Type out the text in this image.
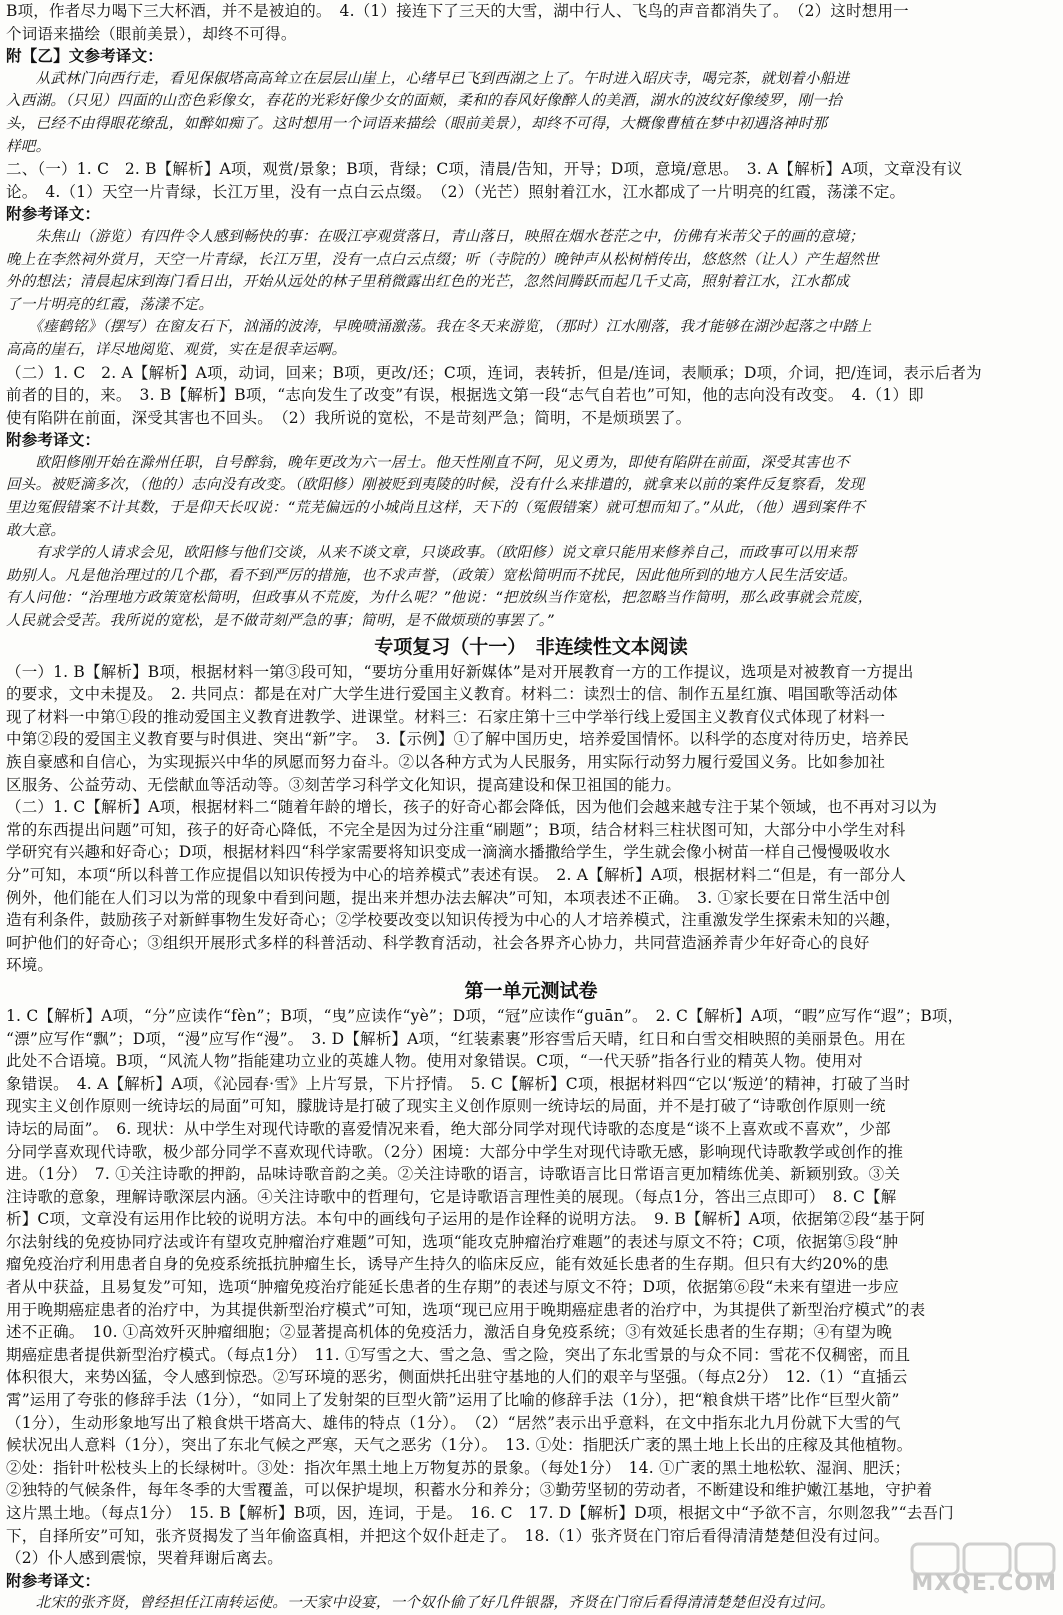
B项，作者尽力喝下三大杯酒，并不是被迫的。　4.（1）接连下了三天的大雪，湖中行人、飞鸟的声音都消失了。　（2）这时想用一
个词语来描绘（眼前美景），却终不可得。
附【乙】文参考译文：
　　从武林门向西行走，看见保俶塔高高耸立在层层山崖上，心绪早已飞到西湖之上了。午时进入昭庆寺，喝完茶，就划着小船进
入西湖。（只见）四面的山峦色彩像女，春花的光彩好像少女的面颊，柔和的春风好像醉人的美酒，湖水的波纹好像绫罗，刚一抬
头，已经不由得眼花缭乱，如醉如痴了。这时想用一个词语来描绘（眼前美景），却终不可得，大概像曹植在梦中初遇洛神时那
样吧。
二、（一）1. C　2. B【解析】A项，观赏/景象；B项，背绿；C项，清晨/告知，开导；D项，意境/意思。　3. A【解析】A项，文章没有议
论。　4.（1）天空一片青绿，长江万里，没有一点白云点缀。　（2）（光芒）照射着江水，江水都成了一片明亮的红霞，荡漾不定。
附参考译文：
　　朱焦山（游览）有四件令人感到畅快的事：在吸江亭观赏落日，青山落日，映照在烟水苍茫之中，仿佛有米芾父子的画的意境；
晚上在李然祠外赏月，天空一片青绿，长江万里，没有一点白云点缀；听（寺院的）晚钟声从松树梢传出，悠悠然（让人）产生超然世
外的想法；清晨起床到海门看日出，开始从远处的林子里稍微露出红色的光芒，忽然间腾跃而起几千丈高，照射着江水，江水都成
了一片明亮的红霞，荡漾不定。
　　《瘗鹤铭》（摆写）在窗友石下，汹涌的波涛，早晚喷涌激荡。我在冬天来游览，（那时）江水刚落，我才能够在湖沙起落之中踏上
高高的崖石，详尽地阅览、观赏，实在是很幸运啊。
（二）1. C　2. A【解析】A项，动词，回来；B项，更改/还；C项，连词，表转折，但是/连词，表顺承；D项，介词，把/连词，表示后者为
前者的目的，来。　3. B【解析】B项，“志向发生了改变”有误，根据选文第一段“志气自若也”可知，他的志向没有改变。　4.（1）即
使有陷阱在前面，深受其害也不回头。　（2）我所说的宽松，不是苛刻严急；简明，不是烦琐罢了。
附参考译文：
　　欧阳修刚开始在滁州任职，自号醉翁，晚年更改为六一居士。他天性刚直不阿，见义勇为，即使有陷阱在前面，深受其害也不
回头。被贬滴多次，（他的）志向没有改变。（欧阳修）刚被贬到夷陵的时候，没有什么来排遣的，就拿来以前的案件反复察看，发现
里边冤假错案不计其数，于是仰天长叹说：“荒芜偏远的小城尚且这样，天下的（冤假错案）就可想而知了。”从此，（他）遇到案件不
敢大意。
　　有求学的人请求会见，欧阳修与他们交谈，从来不谈文章，只谈政事。（欧阳修）说文章只能用来修养自己，而政事可以用来帮
助别人。凡是他治理过的几个郡，看不到严厉的措施，也不求声誉，（政策）宽松简明而不扰民，因此他所到的地方人民生活安适。
有人问他：“治理地方政策宽松简明，但政事从不荒废，为什么呢？”他说：“把放纵当作宽松，把忽略当作简明，那么政事就会荒废，
人民就会受苦。我所说的宽松，是不做苛刻严急的事；简明，是不做烦琐的事罢了。”
专项复习（十一）　非连续性文本阅读
（一）1. B【解析】B项，根据材料一第③段可知，“要坊分重用好新媒体”是对开展教育一方的工作提议，选项是对被教育一方提出
的要求，文中未提及。　2. 共同点：都是在对广大学生进行爱国主义教育。材料二：读烈士的信、制作五星红旗、唱国歌等活动体
现了材料一中第①段的推动爱国主义教育进教学、进课堂。材料三：石家庄第十三中学举行线上爱国主义教育仪式体现了材料一
中第②段的爱国主义教育要与时俱进、突出“新”字。　3.【示例】①了解中国历史，培养爱国情怀。以科学的态度对待历史，培养民
族自豪感和自信心，为实现振兴中华的夙愿而努力奋斗。②以各种方式为人民服务，用实际行动努力履行爱国义务。比如参加社
区服务、公益劳动、无偿献血等活动等。③刻苦学习科学文化知识，提高建设和保卫祖国的能力。
（二）1. C【解析】A项，根据材料二“随着年龄的增长，孩子的好奇心都会降低，因为他们会越来越专注于某个领域，也不再对习以为
常的东西提出问题”可知，孩子的好奇心降低，不完全是因为过分注重“刷题”；B项，结合材料三柱状图可知，大部分中小学生对科
学研究有兴趣和好奇心；D项，根据材料四“科学家需要将知识变成一滴滴水播撒给学生，学生就会像小树苗一样自己慢慢吸收水
分”可知，本项“所以科普工作应提倡以知识传授为中心的培养模式”表述有误。　2. A【解析】A项，根据材料二“但是，有一部分人
例外，他们能在人们习以为常的现象中看到问题，提出来并想办法去解决”可知，本项表述不正确。　3. ①家长要在日常生活中创
造有利条件，鼓励孩子对新鲜事物生发好奇心；②学校要改变以知识传授为中心的人才培养模式，注重激发学生探索未知的兴趣，
呵护他们的好奇心；③组织开展形式多样的科普活动、科学教育活动，社会各界齐心协力，共同营造涵养青少年好奇心的良好
环境。
第一单元测试卷
1. C【解析】A项，“分”应读作“fèn”；B项，“曳”应读作“yè”；D项，“冠”应读作“guān”。　2. C【解析】A项，“暇”应写作“遐”；B项，
“漂”应写作“飘”；D项，“漫”应写作“漫”。　3. D【解析】A项，“红装素裹”形容雪后天晴，红日和白雪交相映照的美丽景色。用在
此处不合语境。B项，“风流人物”指能建功立业的英雄人物。使用对象错误。C项，“一代天骄”指各行业的精英人物。使用对
象错误。　4. A【解析】A项，《沁园春·雪》上片写景，下片抒情。　5. C【解析】C项，根据材料四“它以‘叛逆’的精神，打破了当时
现实主义创作原则一统诗坛的局面”可知，朦胧诗是打破了现实主义创作原则一统诗坛的局面，并不是打破了“诗歌创作原则一统
诗坛的局面”。　6. 现状：从中学生对现代诗歌的喜爱情况来看，绝大部分同学对现代诗歌的态度是“谈不上喜欢或不喜欢”，少部
分同学喜欢现代诗歌，极少部分同学不喜欢现代诗歌。（2分）困境：大部分中学生对现代诗歌无感，影响现代诗歌教学或创作的推
进。（1分）　7. ①关注诗歌的押韵，品味诗歌音韵之美。②关注诗歌的语言，诗歌语言比日常语言更加精练优美、新颖别致。③关
注诗歌的意象，理解诗歌深层内涵。④关注诗歌中的哲理句，它是诗歌语言理性美的展现。（每点1分，答出三点即可）　8. C【解
析】C项，文章没有运用作比较的说明方法。本句中的画线句子运用的是作诠释的说明方法。　9. B【解析】A项，依据第②段“基于阿
尔法射线的免疫协同疗法或许有望攻克肿瘤治疗难题”可知，选项“能攻克肿瘤治疗难题”的表述与原文不符；C项，依据第⑤段“肿
瘤免疫治疗利用患者自身的免疫系统抵抗肿瘤生长，诱导产生持久的临床反应，能有效延长患者的生存期。但只有大约20%的患
者从中获益，且易复发”可知，选项“肿瘤免疫治疗能延长患者的生存期”的表述与原文不符；D项，依据第⑥段“未来有望进一步应
用于晚期癌症患者的治疗中，为其提供新型治疗模式”可知，选项“现已应用于晚期癌症患者的治疗中，为其提供了新型治疗模式”的表
述不正确。　10. ①高效歼灭肿瘤细胞；②显著提高机体的免疫活力，激活自身免疫系统；③有效延长患者的生存期；④有望为晚
期癌症患者提供新型治疗模式。（每点1分）　11. ①写雪之大、雪之急、雪之险，突出了东北雪景的与众不同：雪花不仅稠密，而且
体积很大，来势凶猛，令人感到惊恐。②写环境的恶劣，侧面烘托出驻守基地的人们的艰辛与坚强。（每点2分）　12.（1）“直插云
霄”运用了夸张的修辞手法（1分），“如同上了发射架的巨型火箭”运用了比喻的修辞手法（1分），把“粮食烘干塔”比作“巨型火箭”
（1分），生动形象地写出了粮食烘干塔高大、雄伟的特点（1分）。　（2）“居然”表示出乎意料，在文中指东北九月份就下大雪的气
候状况出人意料（1分），突出了东北气候之严寒，天气之恶劣（1分）。　13. ①处：指肥沃广袤的黑土地上长出的庄稼及其他植物。
②处：指针叶松枝头上的长绿树叶。③处：指次年黑土地上万物复苏的景象。（每处1分）　14. ①广袤的黑土地松软、湿润、肥沃；
②独特的气候条件，每年冬季的大雪覆盖，可以保护堤坝，积蓄水分和养分；③勤劳坚韧的劳动者，不断建设和维护嫩江基地，守护着
这片黑土地。（每点1分）　15. B【解析】B项，因，连词，于是。　16. C　17. D【解析】D项，根据文中“予欲不言，尔则忽我”“去吾门
下，自择所安”可知，张齐贤揭发了当年偷盗真相，并把这个奴仆赶走了。　18.（1）张齐贤在门帘后看得清清楚楚但没有过问。
（2）仆人感到震惊，哭着拜谢后离去。
附参考译文：
　　北宋的张齐贤，曾经担任江南转运使。一天家中设宴，一个奴仆偷了好几件银器，齐贤在门帘后看得清清楚楚但没有过问。
MXQE.COM
